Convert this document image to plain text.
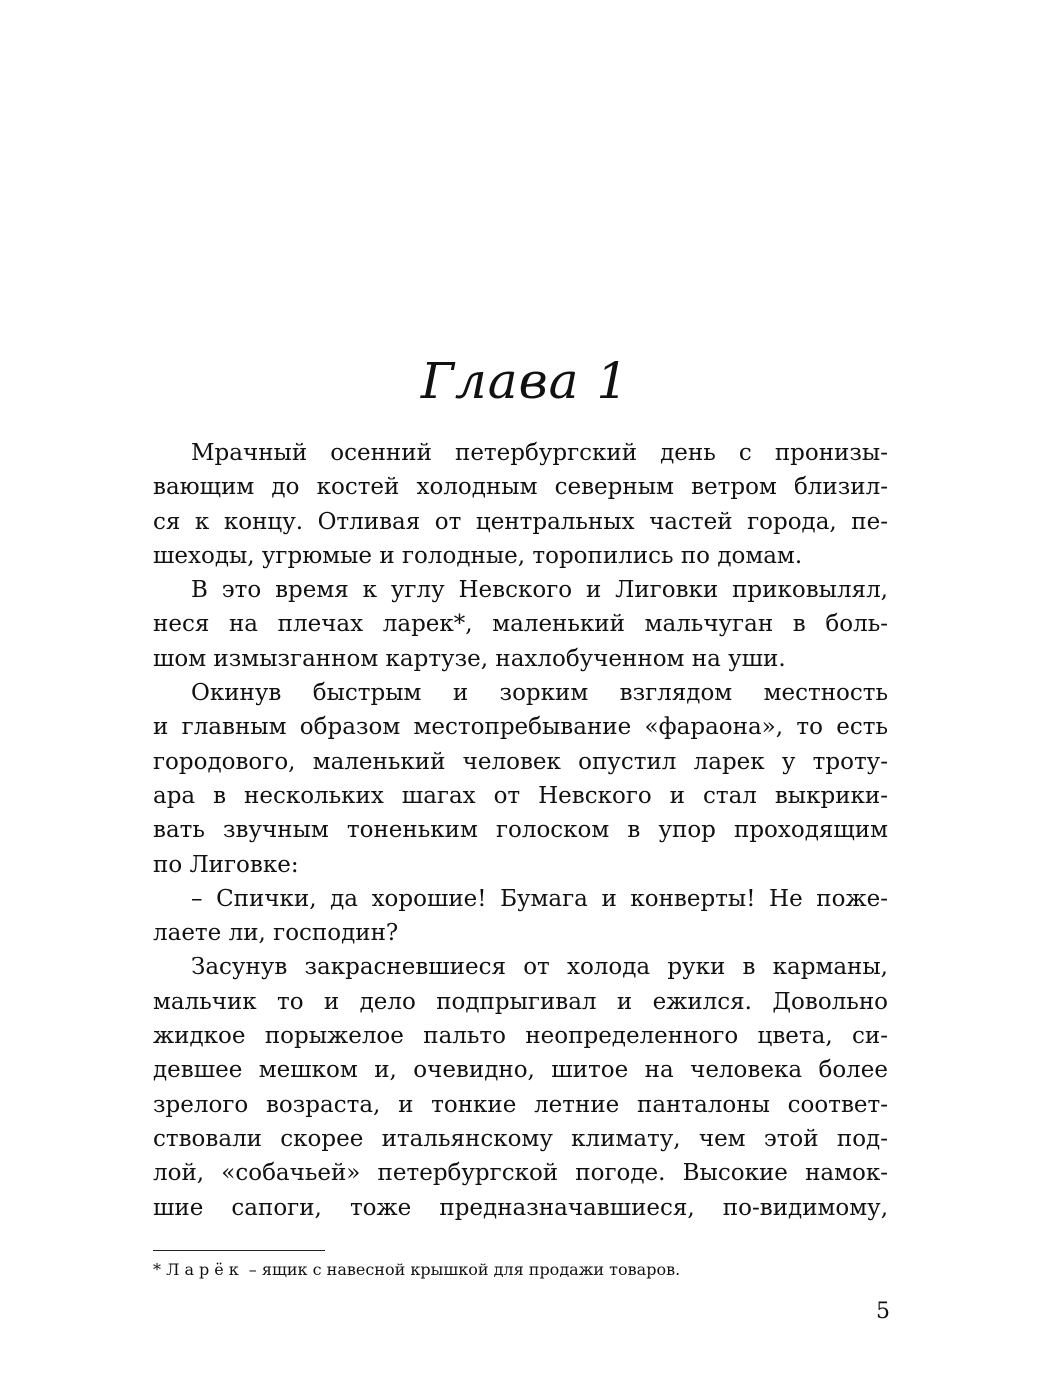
Глава 1
Мрачный осенний петербургский день с пронизы-
вающим до костей холодным северным ветром близил-
ся к концу. Отливая от центральных частей города, пе-
шеходы, угрюмые и голодные, торопились по домам.
В это время к углу Невского и Лиговки приковылял,
неся на плечах ларек*, маленький мальчуган в боль-
шом измызганном картузе, нахлобученном на уши.
Окинув быстрым и зорким взглядом местность
и главным образом местопребывание «фараона», то есть
городового, маленький человек опустил ларек у троту-
ара в нескольких шагах от Невского и стал выкрики-
вать звучным тоненьким голоском в упор проходящим
по Лиговке:
– Спички, да хорошие! Бумага и конверты! Не поже-
лаете ли, господин?
Засунув закрасневшиеся от холода руки в карманы,
мальчик то и дело подпрыгивал и ежился. Довольно
жидкое порыжелое пальто неопределенного цвета, си-
девшее мешком и, очевидно, шитое на человека более
зрелого возраста, и тонкие летние панталоны соответ-
ствовали скорее итальянскому климату, чем этой под-
лой, «собачьей» петербургской погоде. Высокие намок-
шие сапоги, тоже предназначавшиеся, по-видимому,
* Ларёк – ящик с навесной крышкой для продажи товаров.
5
